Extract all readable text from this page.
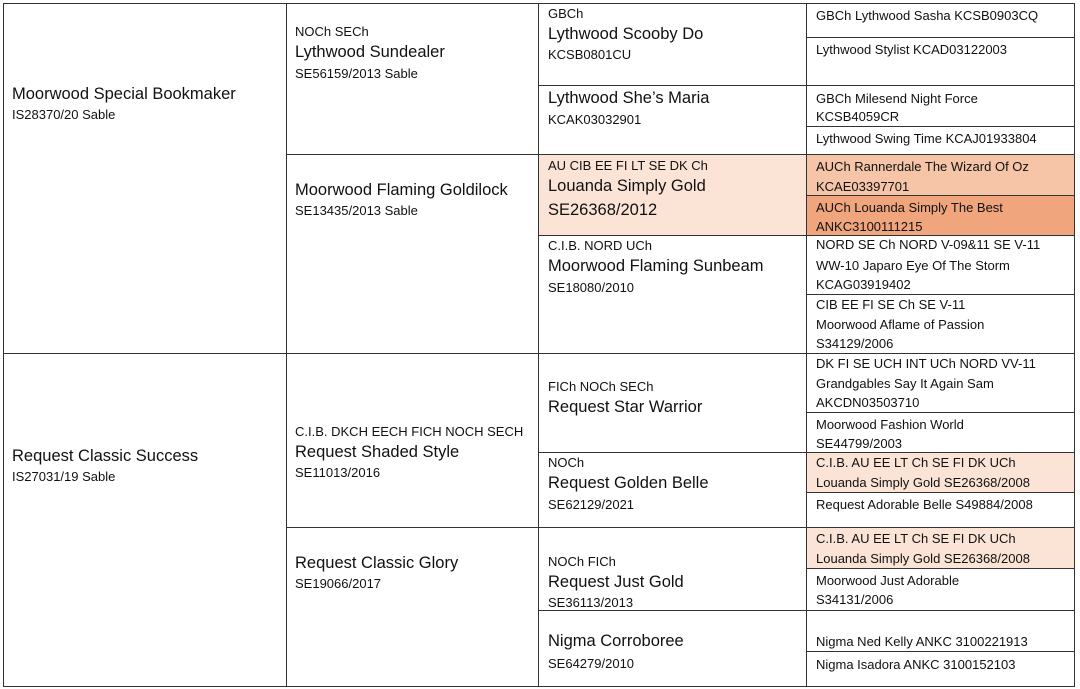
Moorwood Special Bookmaker
IS28370/20 Sable
Request Classic Success
IS27031/19 Sable
NOCh SECh
Lythwood Sundealer
SE56159/2013 Sable
Moorwood Flaming Goldilock
SE13435/2013 Sable
C.I.B. DKCH EECH FICH NOCH SECH
Request Shaded Style
SE11013/2016
Request Classic Glory
SE19066/2017
GBCh
Lythwood Scooby Do
KCSB0801CU
Lythwood She’s Maria
KCAK03032901
AU CIB EE FI LT SE DK Ch
Louanda Simply Gold
SE26368/2012
C.I.B. NORD UCh
Moorwood Flaming Sunbeam
SE18080/2010
FICh NOCh SECh
Request Star Warrior
NOCh
Request Golden Belle
SE62129/2021
NOCh FICh
Request Just Gold
SE36113/2013
Nigma Corroboree
SE64279/2010
GBCh Lythwood Sasha KCSB0903CQ
Lythwood Stylist KCAD03122003
GBCh Milesend Night Force
KCSB4059CR
Lythwood Swing Time KCAJ01933804
AUCh Rannerdale The Wizard Of Oz
KCAE03397701
AUCh Louanda Simply The Best
ANKC3100111215
NORD SE Ch NORD V-09&11 SE V-11
WW-10 Japaro Eye Of The Storm
KCAG03919402
CIB EE FI SE Ch SE V-11
Moorwood Aflame of Passion
S34129/2006
DK FI SE UCH INT UCh NORD VV-11
Grandgables Say It Again Sam
AKCDN03503710
Moorwood Fashion World
SE44799/2003
C.I.B. AU EE LT Ch SE FI DK UCh
Louanda Simply Gold SE26368/2008
Request Adorable Belle S49884/2008
C.I.B. AU EE LT Ch SE FI DK UCh
Louanda Simply Gold SE26368/2008
Moorwood Just Adorable
S34131/2006
Nigma Ned Kelly ANKC 3100221913
Nigma Isadora ANKC 3100152103
